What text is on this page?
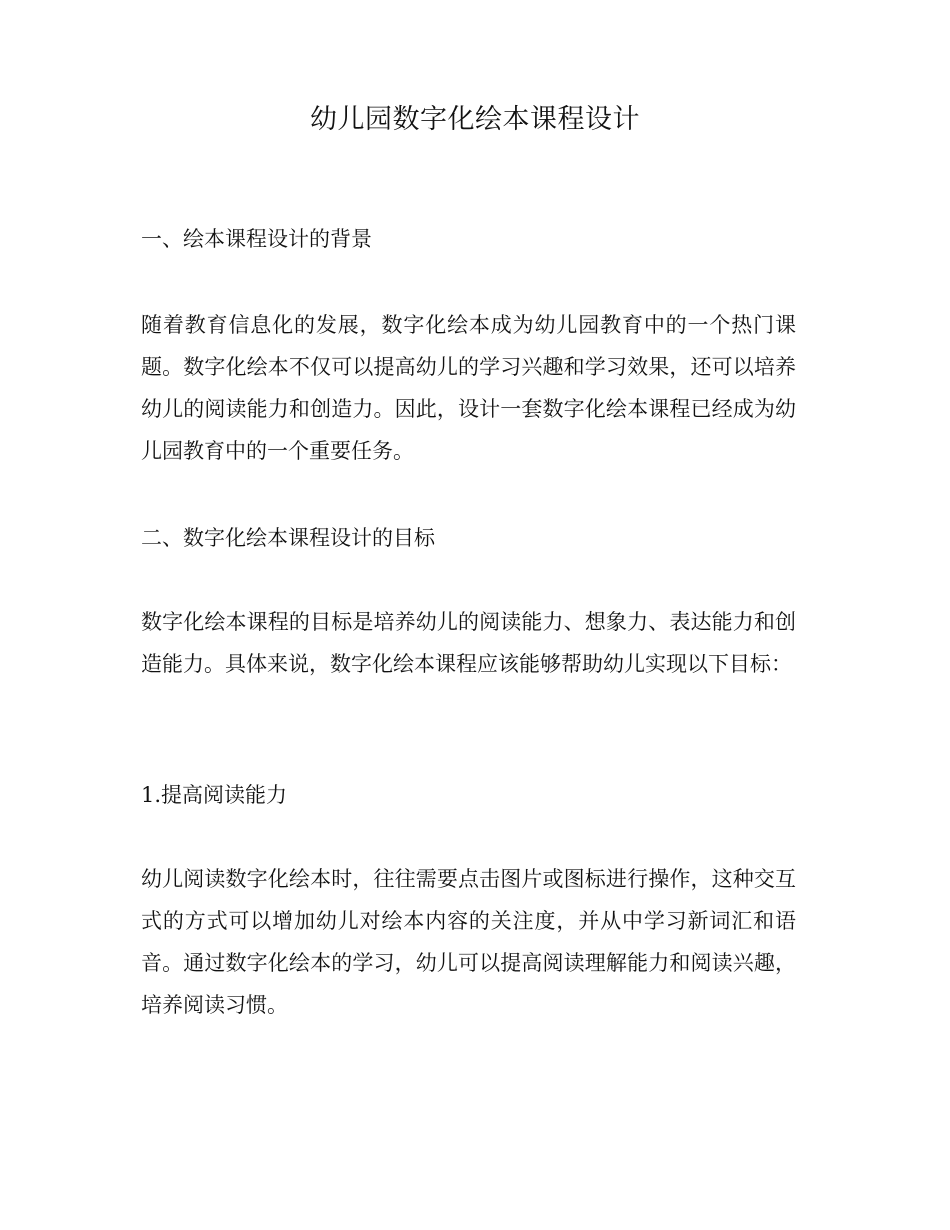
幼儿园数字化绘本课程设计
一、绘本课程设计的背景
随着教育信息化的发展，数字化绘本成为幼儿园教育中的一个热门课题。数字化绘本不仅可以提高幼儿的学习兴趣和学习效果，还可以培养幼儿的阅读能力和创造力。因此，设计一套数字化绘本课程已经成为幼儿园教育中的一个重要任务。
二、数字化绘本课程设计的目标
数字化绘本课程的目标是培养幼儿的阅读能力、想象力、表达能力和创造能力。具体来说，数字化绘本课程应该能够帮助幼儿实现以下目标：
1.提高阅读能力
幼儿阅读数字化绘本时，往往需要点击图片或图标进行操作，这种交互式的方式可以增加幼儿对绘本内容的关注度，并从中学习新词汇和语音。通过数字化绘本的学习，幼儿可以提高阅读理解能力和阅读兴趣，培养阅读习惯。
